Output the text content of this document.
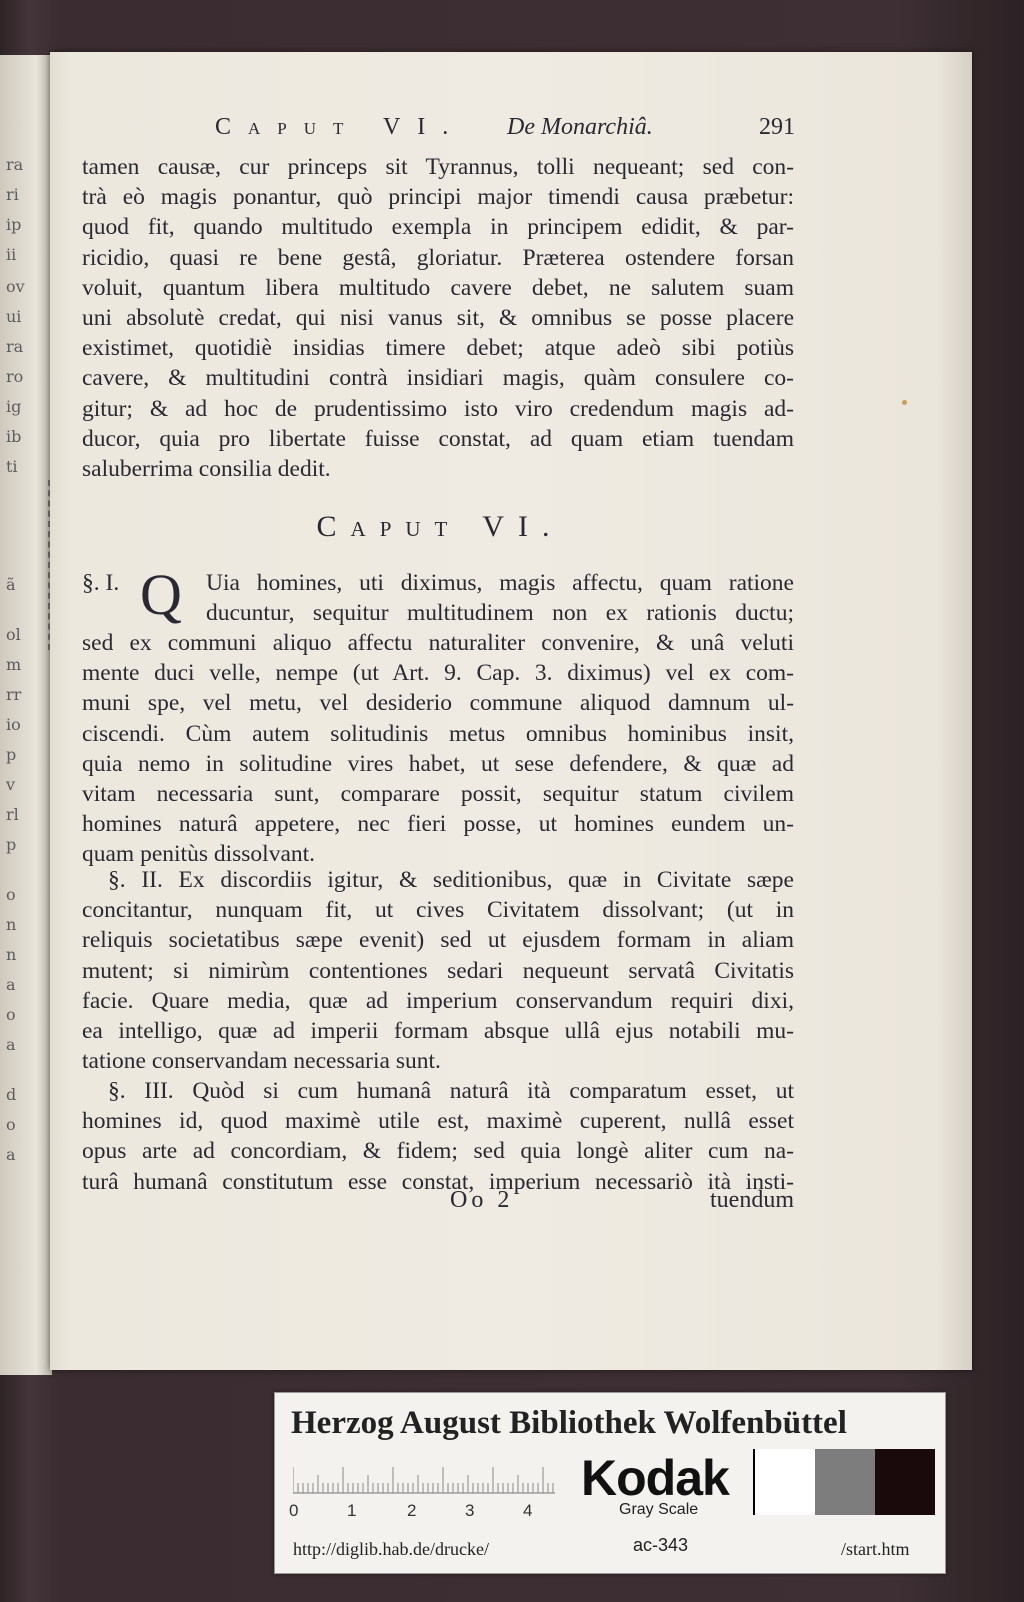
ra
ri
ip
ii
ov
ui
ra
ro
ig
ib
ti
ã
ol
m
rr
io
p
v
rl
p
o
n
n
a
o
a
d
o
a
Caput VI. De Monarchiâ.	291
tamen causæ, cur princeps sit Tyrannus, tolli nequeant; sed con-
trà eò magis ponantur, quò principi major timendi causa præbetur:
quod fit, quando multitudo exempla in principem edidit, & par-
ricidio, quasi re bene gestâ, gloriatur. Præterea ostendere forsan
voluit, quantum libera multitudo cavere debet, ne salutem suam
uni absolutè credat, qui nisi vanus sit, & omnibus se posse placere
existimet, quotidiè insidias timere debet; atque adeò sibi potiùs
cavere, & multitudini contrà insidiari magis, quàm consulere co-
gitur; & ad hoc de prudentissimo isto viro credendum magis ad-
ducor, quia pro libertate fuisse constat, ad quam etiam tuendam
saluberrima consilia dedit.
Caput VI.
§. I. Q Uia homines, uti diximus, magis affectu, quam ratione
ducuntur, sequitur multitudinem non ex rationis ductu;
sed ex communi aliquo affectu naturaliter convenire, & unâ veluti
mente duci velle, nempe (ut Art. 9. Cap. 3. diximus) vel ex com-
muni spe, vel metu, vel desiderio commune aliquod damnum ul-
ciscendi. Cùm autem solitudinis metus omnibus hominibus insit,
quia nemo in solitudine vires habet, ut sese defendere, & quæ ad
vitam necessaria sunt, comparare possit, sequitur statum civilem
homines naturâ appetere, nec fieri posse, ut homines eundem un-
quam penitùs dissolvant.
§. II. Ex discordiis igitur, & seditionibus, quæ in Civitate sæpe
concitantur, nunquam fit, ut cives Civitatem dissolvant; (ut in
reliquis societatibus sæpe evenit) sed ut ejusdem formam in aliam
mutent; si nimirùm contentiones sedari nequeunt servatâ Civitatis
facie. Quare media, quæ ad imperium conservandum requiri dixi,
ea intelligo, quæ ad imperii formam absque ullâ ejus notabili mu-
tatione conservandam necessaria sunt.
§. III. Quòd si cum humanâ naturâ ità comparatum esset, ut
homines id, quod maximè utile est, maximè cuperent, nullâ esset
opus arte ad concordiam, & fidem; sed quia longè aliter cum na-
turâ humanâ constitutum esse constat, imperium necessariò ità insti-
Oo 2	tuendum
Herzog August Bibliothek Wolfenbüttel
0	1	2	3	4
Kodak
Gray Scale
http://diglib.hab.de/drucke/	ac-343	/start.htm
